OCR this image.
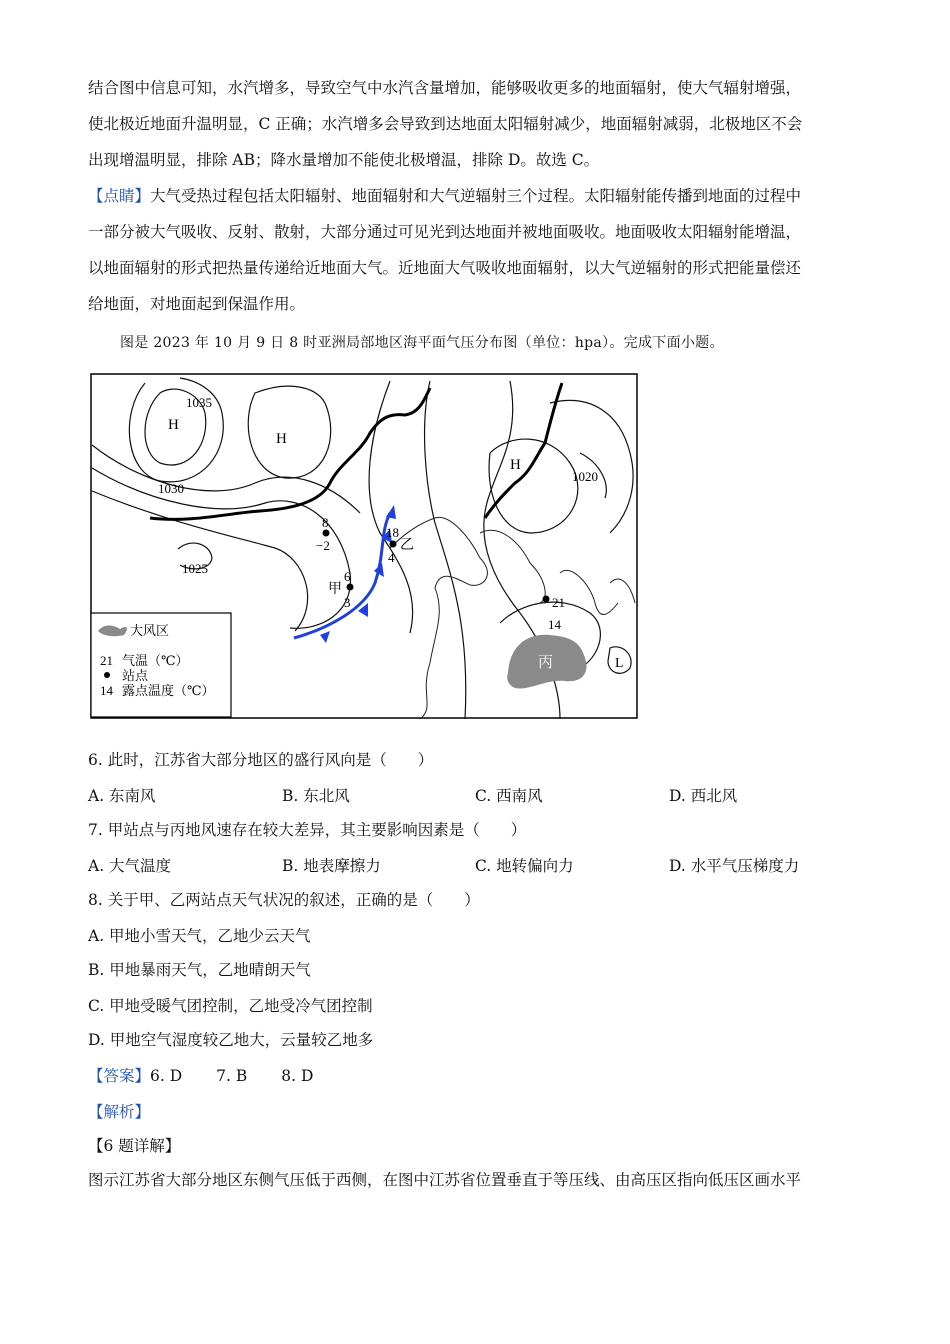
结合图中信息可知，水汽增多，导致空气中水汽含量增加，能够吸收更多的地面辐射，使大气辐射增强，
使北极近地面升温明显，C 正确；水汽增多会导致到达地面太阳辐射减少，地面辐射减弱，北极地区不会
出现增温明显，排除 AB；降水量增加不能使北极增温，排除 D。故选 C。
【点睛】大气受热过程包括太阳辐射、地面辐射和大气逆辐射三个过程。太阳辐射能传播到地面的过程中
一部分被大气吸收、反射、散射，大部分通过可见光到达地面并被地面吸收。地面吸收太阳辐射能增温，
以地面辐射的形式把热量传递给近地面大气。近地面大气吸收地面辐射，以大气逆辐射的形式把能量偿还
给地面，对地面起到保温作用。
图是 2023 年 10 月 9 日 8 时亚洲局部地区海平面气压分布图（单位：hpa）。完成下面小题。
丙
1035
1030
1025
1020
H
H
H
L
8
−2
6
甲
3
18
乙
4
21
14
大风区
21 气温（℃）
站点
14 露点温度（℃）
6. 此时，江苏省大部分地区的盛行风向是（　　）
A. 东南风	B. 东北风	C. 西南风	D. 西北风
7. 甲站点与丙地风速存在较大差异，其主要影响因素是（　　）
A. 大气温度	B. 地表摩擦力	C. 地转偏向力	D. 水平气压梯度力
8. 关于甲、乙两站点天气状况的叙述，正确的是（　　）
A. 甲地小雪天气，乙地少云天气
B. 甲地暴雨天气，乙地晴朗天气
C. 甲地受暖气团控制，乙地受冷气团控制
D. 甲地空气湿度较乙地大，云量较乙地多
【答案】6. D 7. B 8. D
【解析】
【6 题详解】
图示江苏省大部分地区东侧气压低于西侧，在图中江苏省位置垂直于等压线、由高压区指向低压区画水平
